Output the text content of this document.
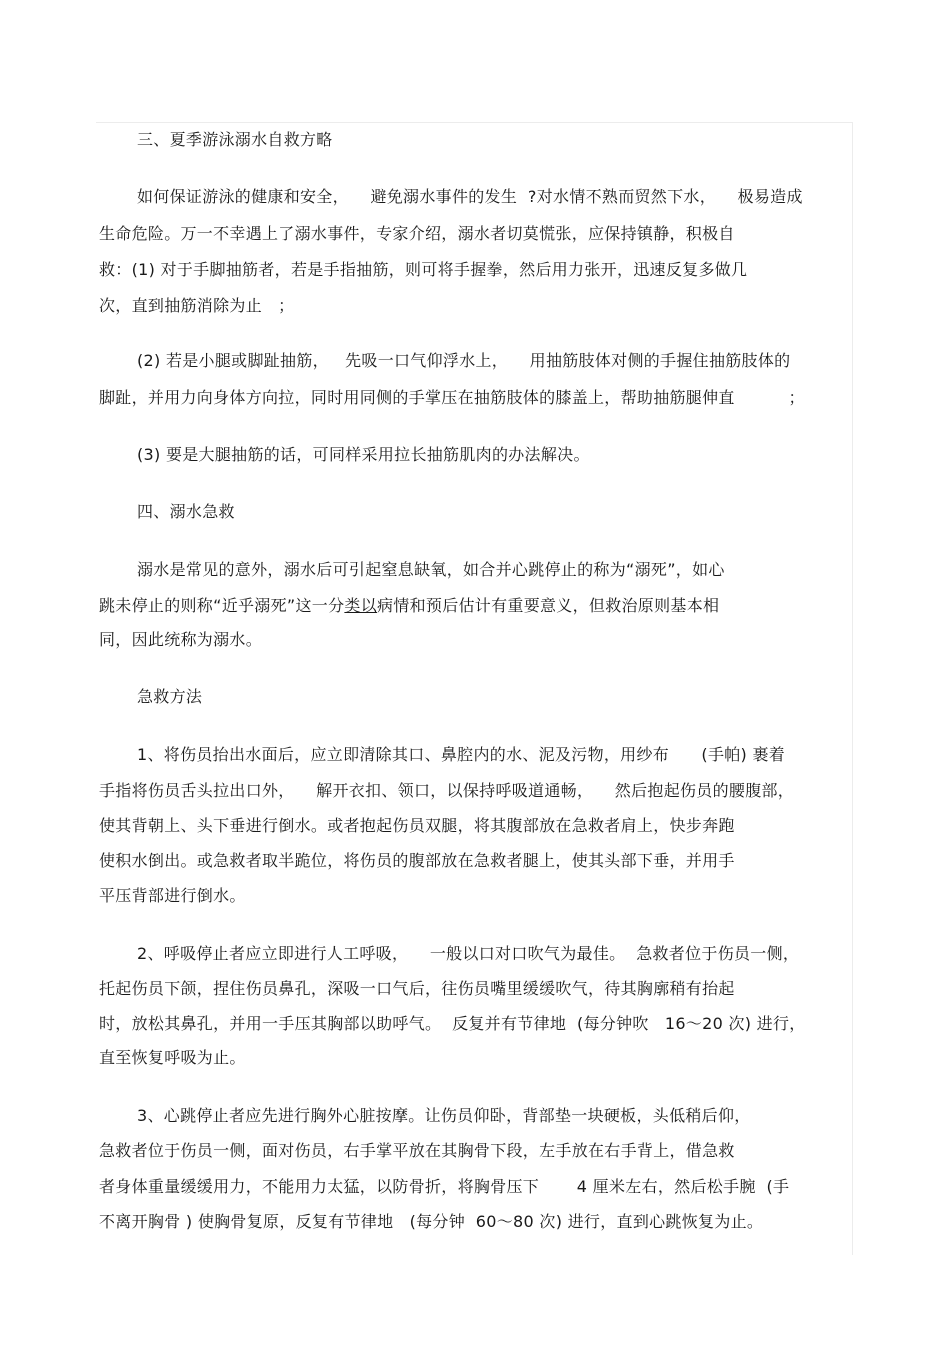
三、夏季游泳溺水自救方略
如何保证游泳的健康和安全，    避免溺水事件的发生  ?对水情不熟而贸然下水，    极易造成
生命危险。万一不幸遇上了溺水事件，专家介绍，溺水者切莫慌张，应保持镇静，积极自
救：(1) 对于手脚抽筋者，若是手指抽筋，则可将手握拳，然后用力张开，迅速反复多做几
次，直到抽筋消除为止   ；
(2) 若是小腿或脚趾抽筋，   先吸一口气仰浮水上，    用抽筋肢体对侧的手握住抽筋肢体的
脚趾，并用力向身体方向拉，同时用同侧的手掌压在抽筋肢体的膝盖上，帮助抽筋腿伸直          ；
(3) 要是大腿抽筋的话，可同样采用拉长抽筋肌肉的办法解决。
四、溺水急救
溺水是常见的意外，溺水后可引起窒息缺氧，如合并心跳停止的称为“溺死”，如心
跳未停止的则称“近乎溺死”这一分类以病情和预后估计有重要意义，但救治原则基本相
同，因此统称为溺水。
急救方法
1、将伤员抬出水面后，应立即清除其口、鼻腔内的水、泥及污物，用纱布      (手帕) 裹着
手指将伤员舌头拉出口外，    解开衣扣、领口，以保持呼吸道通畅，    然后抱起伤员的腰腹部，
使其背朝上、头下垂进行倒水。或者抱起伤员双腿，将其腹部放在急救者肩上，快步奔跑
使积水倒出。或急救者取半跪位，将伤员的腹部放在急救者腿上，使其头部下垂，并用手
平压背部进行倒水。
2、呼吸停止者应立即进行人工呼吸，    一般以口对口吹气为最佳。  急救者位于伤员一侧，
托起伤员下颌，捏住伤员鼻孔，深吸一口气后，往伤员嘴里缓缓吹气，待其胸廓稍有抬起
时，放松其鼻孔，并用一手压其胸部以助呼气。  反复并有节律地  (每分钟吹   16～20 次) 进行，
直至恢复呼吸为止。
3、心跳停止者应先进行胸外心脏按摩。让伤员仰卧，背部垫一块硬板，头低稍后仰，
急救者位于伤员一侧，面对伤员，右手掌平放在其胸骨下段，左手放在右手背上，借急救
者身体重量缓缓用力，不能用力太猛，以防骨折，将胸骨压下       4 厘米左右，然后松手腕  (手
不离开胸骨 ) 使胸骨复原，反复有节律地   (每分钟  60～80 次) 进行，直到心跳恢复为止。
